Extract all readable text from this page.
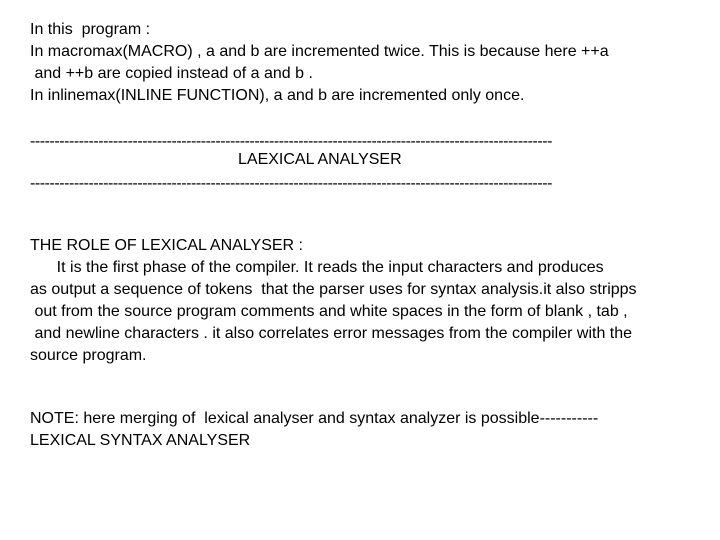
In this  program :
In macromax(MACRO) , a and b are incremented twice. This is because here ++a
and ++b are copied instead of a and b .
In inlinemax(INLINE FUNCTION), a and b are incremented only once.
-----------------------------------------------------------------------------------------------------------
LAEXICAL ANALYSER
-----------------------------------------------------------------------------------------------------------
THE ROLE OF LEXICAL ANALYSER :
It is the first phase of the compiler. It reads the input characters and produces
as output a sequence of tokens  that the parser uses for syntax analysis.it also stripps
out from the source program comments and white spaces in the form of blank , tab ,
and newline characters . it also correlates error messages from the compiler with the
source program.
NOTE: here merging of  lexical analyser and syntax analyzer is possible-----------
LEXICAL SYNTAX ANALYSER
